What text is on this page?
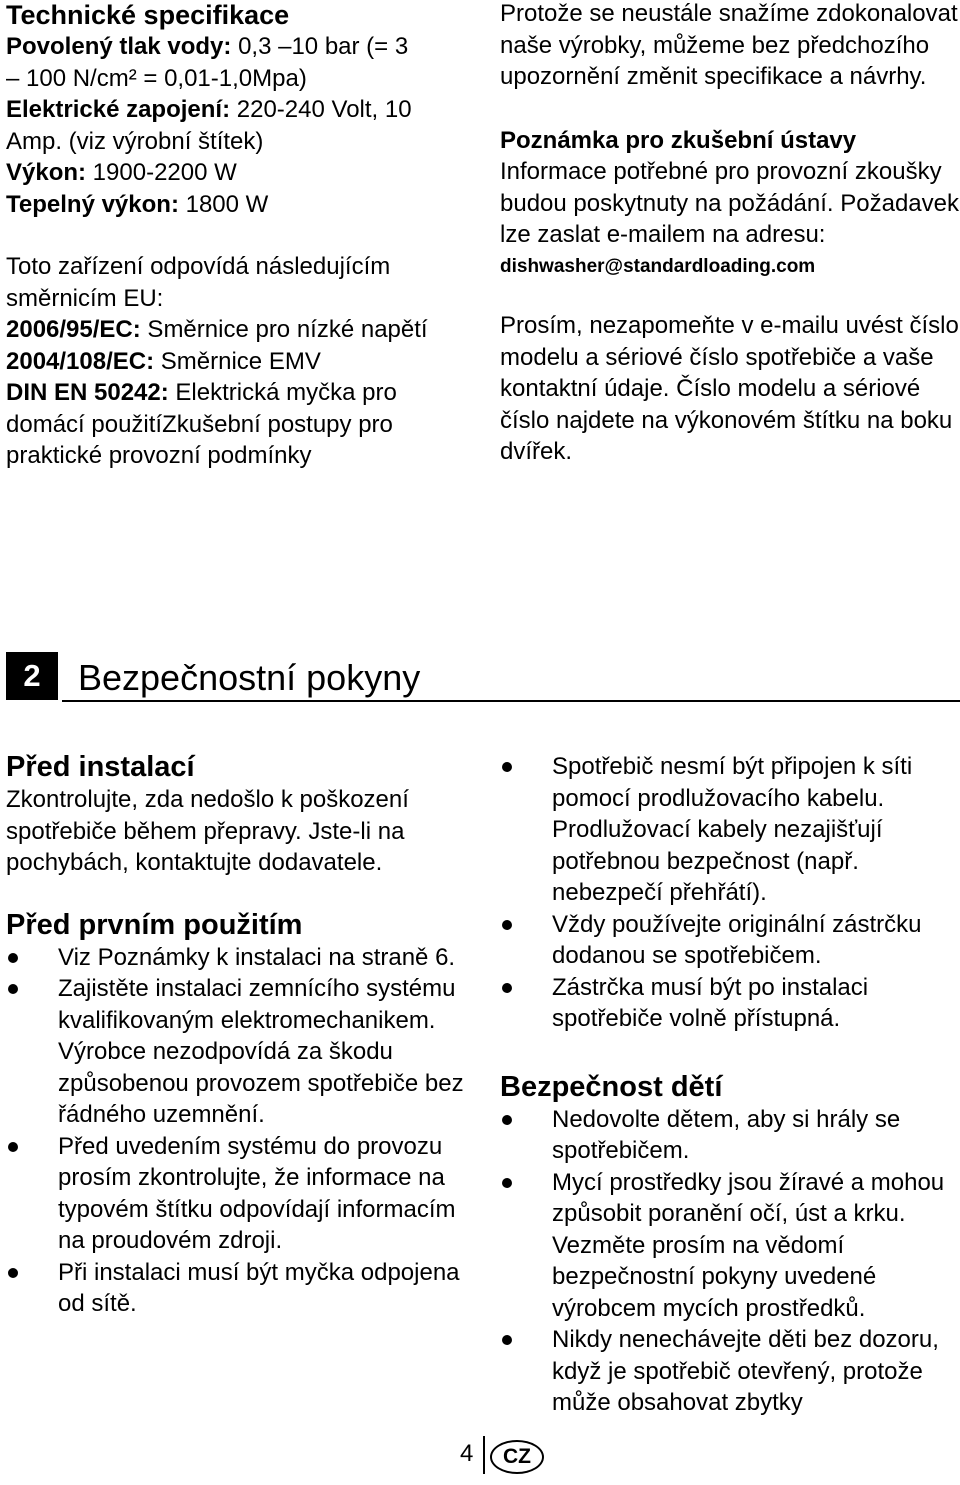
Technické specifikace

Povolený tlak vody: 0,3 –10 bar (= 3

– 100 N/cm² = 0,01-1,0Mpa)

Elektrické zapojení: 220-240 Volt, 10

Amp. (viz výrobní štítek)

Výkon: 1900-2200 W

Tepelný výkon: 1800 W

Toto zařízení odpovídá následujícím směrnicím EU:

2006/95/EC: Směrnice pro nízké napětí

2004/108/EC: Směrnice EMV

DIN EN 50242: Elektrická myčka pro domácí použitíZkušební postupy pro praktické provozní podmínky

Protože se neustále snažíme zdokonalovat naše výrobky, můžeme bez předchozího upozornění změnit specifikace a návrhy.

Poznámka pro zkušební ústavy

Informace potřebné pro provozní zkoušky budou poskytnuty na požádání. Požadavek lze zaslat e-mailem na adresu:

dishwasher@standardloading.com

Prosím, nezapomeňte v e-mailu uvést číslo modelu a sériové číslo spotřebiče a vaše kontaktní údaje. Číslo modelu a sériové číslo najdete na výkonovém štítku na boku dvířek.

2	Bezpečnostní pokyny
Před instalací

Zkontrolujte, zda nedošlo k poškození spotřebiče během přepravy. Jste-li na pochybách, kontaktujte dodavatele.

Před prvním použitím
Viz Poznámky k instalaci na straně 6.
Zajistěte instalaci zemnícího systému kvalifikovaným elektromechanikem. Výrobce nezodpovídá za škodu způsobenou provozem spotřebiče bez řádného uzemnění.
Před uvedením systému do provozu prosím zkontrolujte, že informace na typovém štítku odpovídají informacím na proudovém zdroji.
Při instalaci musí být myčka odpojena od sítě.
Spotřebič nesmí být připojen k síti pomocí prodlužovacího kabelu. Prodlužovací kabely nezajišťují potřebnou bezpečnost (např. nebezpečí přehřátí).
Vždy používejte originální zástrčku dodanou se spotřebičem.
Zástrčka musí být po instalaci spotřebiče volně přístupná.
Bezpečnost dětí
Nedovolte dětem, aby si hrály se spotřebičem.
Mycí prostředky jsou žíravé a mohou způsobit poranění očí, úst a krku. Vezměte prosím na vědomí bezpečnostní pokyny uvedené výrobcem mycích prostředků.
Nikdy nenechávejte děti bez dozoru, když je spotřebič otevřený, protože může obsahovat zbytky
4	CZ
